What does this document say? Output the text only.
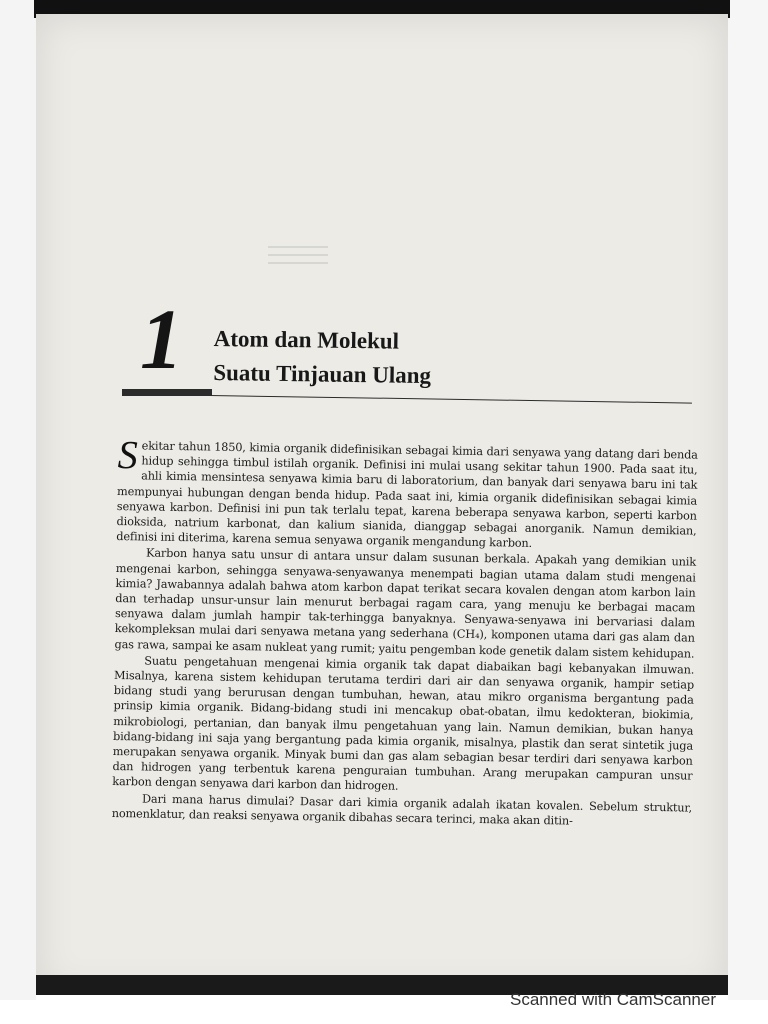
1 Atom dan Molekul
Suatu Tinjauan Ulang

Sekitar tahun 1850, kimia organik didefinisikan sebagai kimia dari senyawa yang datang dari benda hidup sehingga timbul istilah organik. Definisi ini mulai usang sekitar tahun 1900. Pada saat itu, ahli kimia mensintesa senyawa kimia baru di laboratorium, dan banyak dari senyawa baru ini tak mempunyai hubungan dengan benda hidup. Pada saat ini, kimia organik didefinisikan sebagai kimia senyawa karbon. Definisi ini pun tak terlalu tepat, karena beberapa senyawa karbon, seperti karbon dioksida, natrium karbonat, dan kalium sianida, dianggap sebagai anorganik. Namun demikian, definisi ini diterima, karena semua senyawa organik mengandung karbon.

Karbon hanya satu unsur di antara unsur dalam susunan berkala. Apakah yang demikian unik mengenai karbon, sehingga senyawa-senyawanya menempati bagian utama dalam studi mengenai kimia? Jawabannya adalah bahwa atom karbon dapat terikat secara kovalen dengan atom karbon lain dan terhadap unsur-unsur lain menurut berbagai ragam cara, yang menuju ke berbagai macam senyawa dalam jumlah hampir tak-terhingga banyaknya. Senyawa-senyawa ini bervariasi dalam kekompleksan mulai dari senyawa metana yang sederhana (CH₄), komponen utama dari gas alam dan gas rawa, sampai ke asam nukleat yang rumit; yaitu pengemban kode genetik dalam sistem kehidupan.

Suatu pengetahuan mengenai kimia organik tak dapat diabaikan bagi kebanyakan ilmuwan. Misalnya, karena sistem kehidupan terutama terdiri dari air dan senyawa organik, hampir setiap bidang studi yang berurusan dengan tumbuhan, hewan, atau mikro organisma bergantung pada prinsip kimia organik. Bidang-bidang studi ini mencakup obat-obatan, ilmu kedokteran, biokimia, mikrobiologi, pertanian, dan banyak ilmu pengetahuan yang lain. Namun demikian, bukan hanya bidang-bidang ini saja yang bergantung pada kimia organik, misalnya, plastik dan serat sintetik juga merupakan senyawa organik. Minyak bumi dan gas alam sebagian besar terdiri dari senyawa karbon dan hidrogen yang terbentuk karena penguraian tumbuhan. Arang merupakan campuran unsur karbon dengan senyawa dari karbon dan hidrogen.

Dari mana harus dimulai? Dasar dari kimia organik adalah ikatan kovalen. Sebelum struktur, nomenklatur, dan reaksi senyawa organik dibahas secara terinci, maka akan ditin-

Scanned with CamScanner
